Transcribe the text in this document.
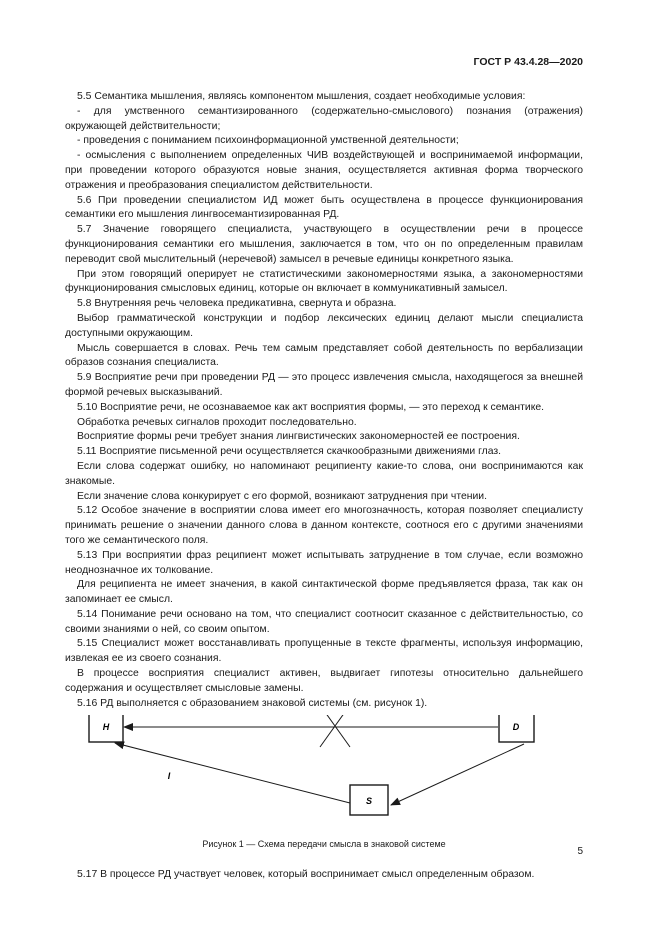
ГОСТ Р 43.4.28—2020

5.5 Семантика мышления, являясь компонентом мышления, создает необходимые условия:

- для умственного семантизированного (содержательно-смыслового) познания (отражения) окружающей действительности;

- проведения с пониманием психоинформационной умственной деятельности;

- осмысления с выполнением определенных ЧИВ воздействующей и воспринимаемой информации, при проведении которого образуются новые знания, осуществляется активная форма творческого отражения и преобразования специалистом действительности.

5.6 При проведении специалистом ИД может быть осуществлена в процессе функционирования семантики его мышления лингвосемантизированная РД.

5.7 Значение говорящего специалиста, участвующего в осуществлении речи в процессе функционирования семантики его мышления, заключается в том, что он по определенным правилам переводит свой мыслительный (неречевой) замысел в речевые единицы конкретного языка.

При этом говорящий оперирует не статистическими закономерностями языка, а закономерностями функционирования смысловых единиц, которые он включает в коммуникативный замысел.

5.8 Внутренняя речь человека предикативна, свернута и образна.

Выбор грамматической конструкции и подбор лексических единиц делают мысли специалиста доступными окружающим.

Мысль совершается в словах. Речь тем самым представляет собой деятельность по вербализации образов сознания специалиста.

5.9 Восприятие речи при проведении РД — это процесс извлечения смысла, находящегося за внешней формой речевых высказываний.

5.10 Восприятие речи, не осознаваемое как акт восприятия формы, — это переход к семантике.

Обработка речевых сигналов проходит последовательно.

Восприятие формы речи требует знания лингвистических закономерностей ее построения.

5.11 Восприятие письменной речи осуществляется скачкообразными движениями глаз.

Если слова содержат ошибку, но напоминают реципиенту какие-то слова, они воспринимаются как знакомые.

Если значение слова конкурирует с его формой, возникают затруднения при чтении.

5.12 Особое значение в восприятии слова имеет его многозначность, которая позволяет специалисту принимать решение о значении данного слова в данном контексте, соотнося его с другими значениями того же семантического поля.

5.13 При восприятии фраз реципиент может испытывать затруднение в том случае, если возможно неоднозначное их толкование.

Для реципиента не имеет значения, в какой синтактической форме предъявляется фраза, так как он запоминает ее смысл.

5.14 Понимание речи основано на том, что специалист соотносит сказанное с действительностью, со своими знаниями о ней, со своим опытом.

5.15 Специалист может восстанавливать пропущенные в тексте фрагменты, используя информацию, извлекая ее из своего сознания.

В процессе восприятия специалист активен, выдвигает гипотезы относительно дальнейшего содержания и осуществляет смысловые замены.

5.16 РД выполняется с образованием знаковой системы (см. рисунок 1).

H	D
S
I
Рисунок 1 — Схема передачи смысла в знаковой системе

5.17 В процессе РД участвует человек, который воспринимает смысл определенным образом.

5
